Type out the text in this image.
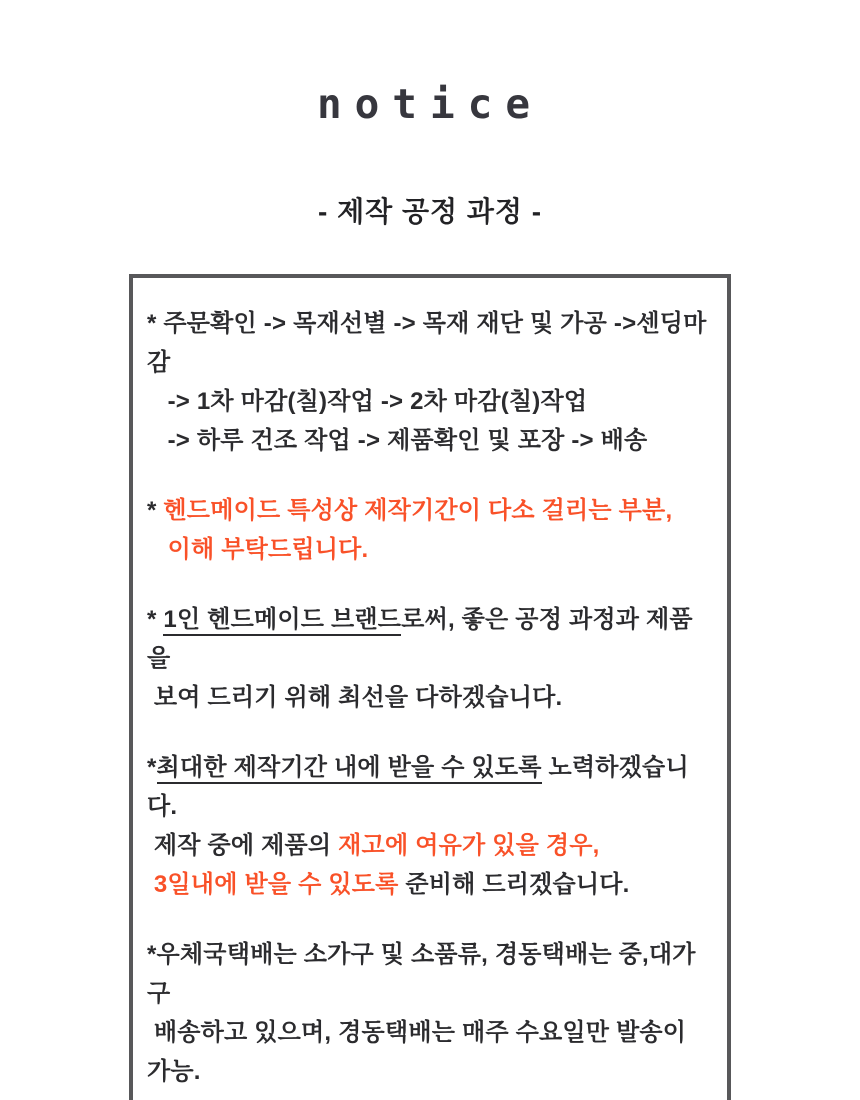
notice
- 제작 공정 과정 -
* 주문확인 -> 목재선별 -> 목재 재단 및 가공 ->센딩마감
-> 1차 마감(칠)작업 -> 2차 마감(칠)작업
-> 하루 건조 작업 -> 제품확인 및 포장 -> 배송
* 헨드메이드 특성상 제작기간이 다소 걸리는 부분,
이해 부탁드립니다.
* 1인 헨드메이드 브랜드로써, 좋은 공정 과정과 제품을
보여 드리기 위해 최선을 다하겠습니다.
*최대한 제작기간 내에 받을 수 있도록 노력하겠습니다.
제작 중에 제품의 재고에 여유가 있을 경우,
3일내에 받을 수 있도록 준비해 드리겠습니다.
*우체국택배는 소가구 및 소품류, 경동택배는 중,대가구
배송하고 있으며, 경동택배는 매주 수요일만 발송이 가능.
